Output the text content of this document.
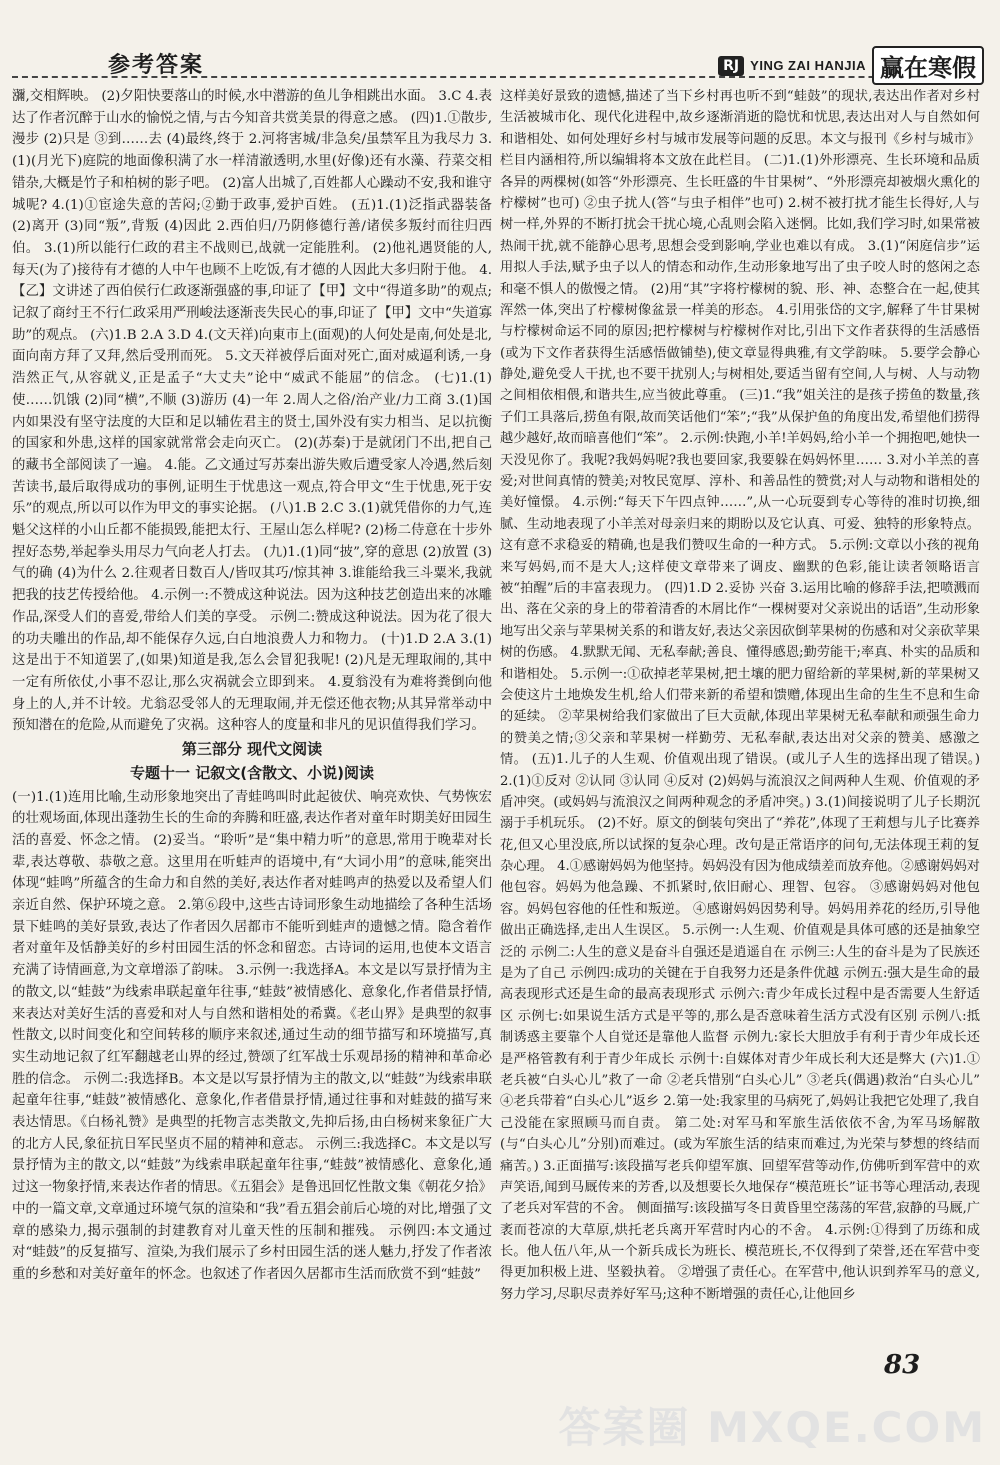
参考答案	RJ YING ZAI HANJIA 赢在寒假

瀰,交相辉映。 (2)夕阳快要落山的时候,水中潜游的鱼儿争相跳出水面。 3.C 4.表达了作者沉醉于山水的愉悦之情,与古今知音共赏美景的得意之感。 (四)1.①散步,漫步 (2)只是 ③到……去 (4)最终,终于 2.河将害城/非急矣/虽禁军且为我尽力 3.(1)(月光下)庭院的地面像积满了水一样清澈透明,水里(好像)还有水藻、荇菜交相错杂,大概是竹子和柏树的影子吧。 (2)富人出城了,百姓都人心躁动不安,我和谁守城呢? 4.(1)①宦途失意的苦闷;②勤于政事,爱护百姓。 (五)1.(1)泛指武器装备 (2)离开 (3)同“叛”,背叛 (4)因此 2.西伯归/乃阴修德行善/诸侯多叛纣而往归西伯。 3.(1)所以能行仁政的君主不战则已,战就一定能胜利。 (2)他礼遇贤能的人,每天(为了)接待有才德的人中午也顾不上吃饭,有才德的人因此大多归附于他。 4.【乙】文讲述了西伯侯行仁政逐渐强盛的事,印证了【甲】文中“得道多助”的观点;记叙了商纣王不行仁政采用严刑峻法逐渐丧失民心的事,印证了【甲】文中“失道寡助”的观点。 (六)1.B 2.A 3.D 4.(文天祥)向東市上(面观)的人何处是南,何处是北,面向南方拜了又拜,然后受刑而死。 5.文天祥被俘后面对死亡,面对威逼利诱,一身浩然正气,从容就义,正是孟子“大丈夫”论中“威武不能屈”的信念。 (七)1.(1)使……饥饿 (2)同“横”,不顺 (3)游历 (4)一年 2.周人之俗/治产业/力工商 3.(1)国内如果没有坚守法度的大臣和足以辅佐君主的贤士,国外没有实力相当、足以抗衡的国家和外患,这样的国家就常常会走向灭亡。 (2)(苏秦)于是就闭门不出,把自己的藏书全部阅读了一遍。 4.能。乙文通过写苏秦出游失败后遭受家人冷遇,然后刻苦读书,最后取得成功的事例,证明生于忧患这一观点,符合甲文“生于忧患,死于安乐”的观点,所以可以作为甲文的事实论据。 (八)1.B 2.C 3.(1)就凭借你的力气,连魁父这样的小山丘都不能损毁,能把太行、王屋山怎么样呢? (2)杨二侍意在十步外捏好态势,举起拳头用尽力气向老人打去。 (九)1.(1)同“披”,穿的意思 (2)放置 (3)气的确 (4)为什么 2.往观者日数百人/皆叹其巧/惊其神 3.谁能给我三斗粟米,我就把我的技艺传授给他。 4.示例一:不赞成这种说法。因为这种技艺创造出来的冰雕作品,深受人们的喜爱,带给人们美的享受。 示例二:赞成这种说法。因为花了很大的功夫雕出的作品,却不能保存久远,白白地浪费人力和物力。 (十)1.D 2.A 3.(1)这是出于不知道罢了,(如果)知道是我,怎么会冒犯我呢! (2)凡是无理取闹的,其中一定有所依仗,小事不忍让,那么灾祸就会立即到来。 4.夏翁没有为难将粪倒向他身上的人,并不计较。尤翁忍受邻人的无理取闹,并无偿还他衣物;从其异常举动中预知潜在的危险,从而避免了灾祸。这种容人的度量和非凡的见识值得我们学习。

第三部分 现代文阅读
专题十一 记叙文(含散文、小说)阅读

(一)1.(1)连用比喻,生动形象地突出了青蛙鸣叫时此起彼伏、响亮欢快、气势恢宏的壮观场面,体现出蓬勃生长的生命的奔腾和旺盛,表达作者对童年时期美好田园生活的喜爱、怀念之情。 (2)妥当。“聆听”是“集中精力听”的意思,常用于晚辈对长辈,表达尊敬、恭敬之意。这里用在听蛙声的语境中,有“大词小用”的意味,能突出体现“蛙鸣”所蕴含的生命力和自然的美好,表达作者对蛙鸣声的热爱以及希望人们亲近自然、保护环境之意。 2.第⑥段中,这些古诗词形象生动地描绘了各种生活场景下蛙鸣的美好景致,表达了作者因久居都市不能听到蛙声的遗憾之情。隐含着作者对童年及恬静美好的乡村田园生活的怀念和留恋。古诗词的运用,也使本文语言充满了诗情画意,为文章增添了韵味。 3.示例一:我选择A。本文是以写景抒情为主的散文,以“蛙鼓”为线索串联起童年往事,“蛙鼓”被情感化、意象化,作者借景抒情,来表达对美好生活的喜爱和对人与自然和谐相处的希冀。《老山界》是典型的叙事性散文,以时间变化和空间转移的顺序来叙述,通过生动的细节描写和环境描写,真实生动地记叙了红军翻越老山界的经过,赞颂了红军战士乐观昂扬的精神和革命必胜的信念。 示例二:我选择B。本文是以写景抒情为主的散文,以“蛙鼓”为线索串联起童年往事,“蛙鼓”被情感化、意象化,作者借景抒情,通过往事和对蛙鼓的描写来表达情思。《白杨礼赞》是典型的托物言志类散文,先抑后扬,由白杨树来象征广大的北方人民,象征抗日军民坚贞不屈的精神和意志。 示例三:我选择C。本文是以写景抒情为主的散文,以“蛙鼓”为线索串联起童年往事,“蛙鼓”被情感化、意象化,通过这一物象抒情,来表达作者的情思。《五猖会》是鲁迅回忆性散文集《朝花夕拾》中的一篇文章,文章通过环境气氛的渲染和“我”看五猖会前后心境的对比,增强了文章的感染力,揭示强制的封建教育对儿童天性的压制和摧残。 示例四:本文通过对“蛙鼓”的反复描写、渲染,为我们展示了乡村田园生活的迷人魅力,抒发了作者浓重的乡愁和对美好童年的怀念。也叙述了作者因久居都市生活而欣赏不到“蛙鼓”

这样美好景致的遗憾,描述了当下乡村再也听不到“蛙鼓”的现状,表达出作者对乡村生活被城市化、现代化进程中,故乡逐渐消逝的隐忧和忧思,表达出对人与自然如何和谐相处、如何处理好乡村与城市发展等问题的反思。本文与报刊《乡村与城市》栏目内涵相符,所以编辑将本文放在此栏目。 (二)1.(1)外形漂亮、生长环境和品质各异的两棵树(如答“外形漂亮、生长旺盛的牛甘果树”、“外形漂亮却被烟火熏化的柠檬树”也可) ②虫子扰人(答“与虫子相伴”也可) 2.树不被打扰才能生长得好,人与树一样,外界的不断打扰会干扰心境,心乱则会陷入迷惘。比如,我们学习时,如果常被热闹干扰,就不能静心思考,思想会受到影响,学业也难以有成。 3.(1)“闲庭信步”运用拟人手法,赋予虫子以人的情态和动作,生动形象地写出了虫子咬人时的悠闲之态和毫不惧人的傲慢之情。 (2)用“其”字将柠檬树的貌、形、神、态整合在一起,使其浑然一体,突出了柠檬树像盆景一样美的形态。 4.引用张岱的文字,解释了牛甘果树与柠檬树命运不同的原因;把柠檬树与柠檬树作对比,引出下文作者获得的生活感悟(或为下文作者获得生活感悟做铺垫),使文章显得典雅,有文学韵味。 5.要学会静心静处,避免受人干扰,也不要干扰别人;与树相处,要适当留有空间,人与树、人与动物之间相依相偎,和谐共生,应当彼此尊重。 (三)1.“我”姐关注的是孩子捞鱼的数量,孩子们工具落后,捞鱼有限,故而笑话他们“笨”;“我”从保护鱼的角度出发,希望他们捞得越少越好,故而暗喜他们“笨”。 2.示例:快跑,小羊!羊妈妈,给小羊一个拥抱吧,她快一天没见你了。我呢?我妈妈呢?我也要回家,我要躲在妈妈怀里…… 3.对小羊羔的喜爱;对世间真情的赞美;对牧民宽厚、淳朴、和善品性的赞赏;对人与动物和谐相处的美好憧憬。 4.示例:“每天下午四点钟……”,从一心玩耍到专心等待的准时切换,细腻、生动地表现了小羊羔对母亲归来的期盼以及它认真、可爱、独特的形象特点。这有意不求稳妥的精确,也是我们赞叹生命的一种方式。 5.示例:文章以小孩的视角来写妈妈,而不是大人;这样使文章带来了调皮、幽默的色彩,能让读者领略语言被“拍醒”后的丰富表现力。 (四)1.D 2.妥协 兴奋 3.运用比喻的修辞手法,把喷溅而出、落在父亲的身上的带着清香的木屑比作“一棵树要对父亲说出的话语”,生动形象地写出父亲与苹果树关系的和谐友好,表达父亲因砍倒苹果树的伤感和对父亲砍苹果树的伤感。 4.默默无闻、无私奉献;善良、懂得感恩;勤劳能干;率真、朴实的品质和和谐相处。 5.示例一:①砍掉老苹果树,把土壤的肥力留给新的苹果树,新的苹果树又会使这片土地焕发生机,给人们带来新的希望和馈赠,体现出生命的生生不息和生命的延续。 ②苹果树给我们家做出了巨大贡献,体现出苹果树无私奉献和顽强生命力的赞美之情;③父亲和苹果树一样勤劳、无私奉献,表达出对父亲的赞美、感激之情。 (五)1.儿子的人生观、价值观出现了错误。(或儿子人生的选择出现了错误。) 2.(1)①反对 ②认同 ③认同 ④反对 (2)妈妈与流浪汉之间两种人生观、价值观的矛盾冲突。(或妈妈与流浪汉之间两种观念的矛盾冲突。) 3.(1)间接说明了儿子长期沉溺于手机玩乐。 (2)不好。原文的倒装句突出了“养花”,体现了王莉想与儿子比赛养花,但又心里没底,所以试探的复杂心理。改句是正常语序的问句,无法体现王莉的复杂心理。 4.①感谢妈妈为他坚持。妈妈没有因为他成绩差而放弃他。②感谢妈妈对他包容。妈妈为他急躁、不抓紧时,依旧耐心、理智、包容。 ③感谢妈妈对他包容。妈妈包容他的任性和叛逆。 ④感谢妈妈因势利导。妈妈用养花的经历,引导他做出正确选择,走出人生误区。 5.示例一:人生观、价值观是具体可感的还是抽象空泛的 示例二:人生的意义是奋斗自强还是逍遥自在 示例三:人生的奋斗是为了民族还是为了自己 示例四:成功的关键在于自我努力还是条件优越 示例五:强大是生命的最高表现形式还是生命的最高表现形式 示例六:青少年成长过程中是否需要人生舒适区 示例七:如果说生活方式是平等的,那么是否意味着生活方式没有区别 示例八:抵制诱惑主要靠个人自觉还是靠他人监督 示例九:家长大胆放手有利于青少年成长还是严格管教有利于青少年成长 示例十:自媒体对青少年成长利大还是弊大 (六)1.①老兵被“白头心儿”救了一命 ②老兵惜别“白头心儿” ③老兵(偶遇)救治“白头心儿” ④老兵带着“白头心儿”返乡 2.第一处:我家里的马病死了,妈妈让我把它处理了,我自己没能在家照顾马而自责。 第二处:对军马和军旅生活依依不舍,为军马场解散(与“白头心儿”分别)而难过。(或为军旅生活的结束而难过,为光荣与梦想的终结而痛苦。) 3.正面描写:该段描写老兵仰望军旗、回望军营等动作,仿佛听到军营中的欢声笑语,闻到马厩传来的芳香,以及想要长久地保存“模范班长”证书等心理活动,表现了老兵对军营的不舍。 侧面描写:该段描写冬日黄昏里空荡荡的军营,寂静的马厩,广袤而苍凉的大草原,烘托老兵离开军营时内心的不舍。 4.示例:①得到了历练和成长。他人伍八年,从一个新兵成长为班长、模范班长,不仅得到了荣誉,还在军营中变得更加积极上进、坚毅执着。 ②增强了责任心。在军营中,他认识到养军马的意义,努力学习,尽职尽责养好军马;这种不断增强的责任心,让他回乡

83
答案圈 MXQE.COM
